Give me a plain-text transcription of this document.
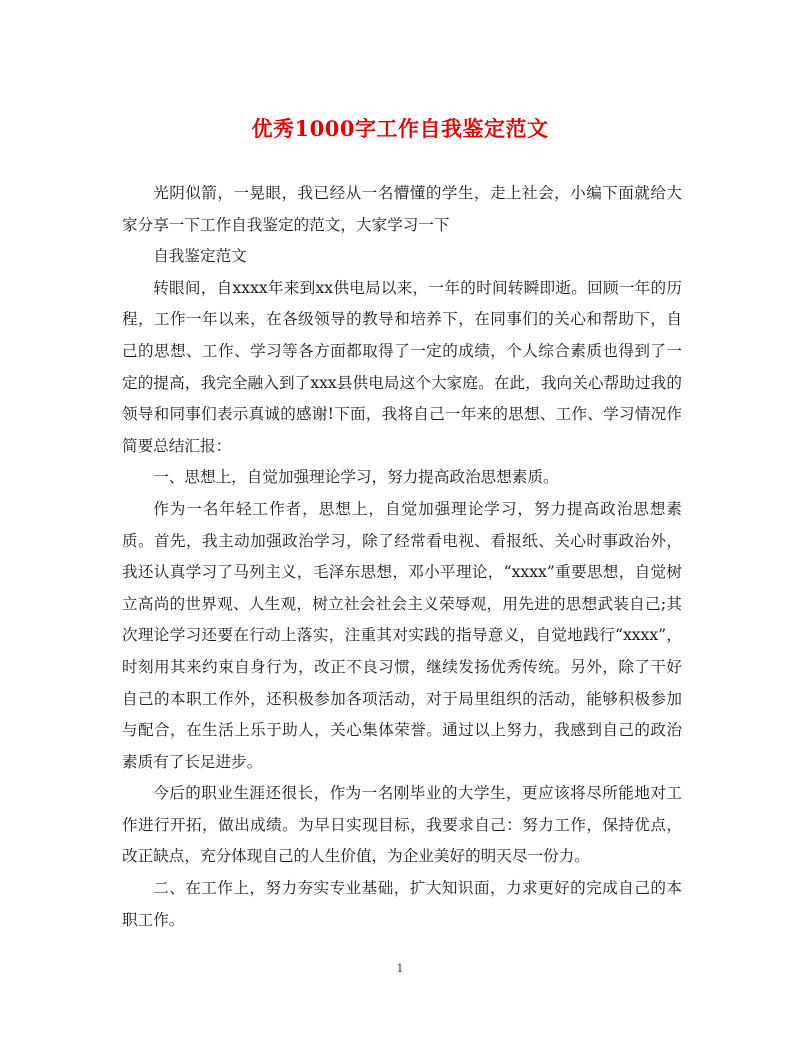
优秀1000字工作自我鉴定范文

光阴似箭，一晃眼，我已经从一名懵懂的学生，走上社会，小编下面就给大家分享一下工作自我鉴定的范文，大家学习一下

自我鉴定范文

转眼间，自xxxx年来到xx供电局以来，一年的时间转瞬即逝。回顾一年的历程，工作一年以来，在各级领导的教导和培养下，在同事们的关心和帮助下，自己的思想、工作、学习等各方面都取得了一定的成绩，个人综合素质也得到了一定的提高，我完全融入到了xxx县供电局这个大家庭。在此，我向关心帮助过我的领导和同事们表示真诚的感谢!下面，我将自己一年来的思想、工作、学习情况作简要总结汇报：

一、思想上，自觉加强理论学习，努力提高政治思想素质。

作为一名年轻工作者，思想上，自觉加强理论学习，努力提高政治思想素质。首先，我主动加强政治学习，除了经常看电视、看报纸、关心时事政治外，我还认真学习了马列主义，毛泽东思想，邓小平理论，“xxxx”重要思想，自觉树立高尚的世界观、人生观，树立社会社会主义荣辱观，用先进的思想武装自己;其次理论学习还要在行动上落实，注重其对实践的指导意义，自觉地践行“xxxx”，时刻用其来约束自身行为，改正不良习惯，继续发扬优秀传统。另外，除了干好自己的本职工作外，还积极参加各项活动，对于局里组织的活动，能够积极参加与配合，在生活上乐于助人，关心集体荣誉。通过以上努力，我感到自己的政治素质有了长足进步。

今后的职业生涯还很长，作为一名刚毕业的大学生，更应该将尽所能地对工作进行开拓，做出成绩。为早日实现目标，我要求自己：努力工作，保持优点，改正缺点，充分体现自己的人生价值，为企业美好的明天尽一份力。

二、在工作上，努力夯实专业基础，扩大知识面，力求更好的完成自己的本职工作。

1
